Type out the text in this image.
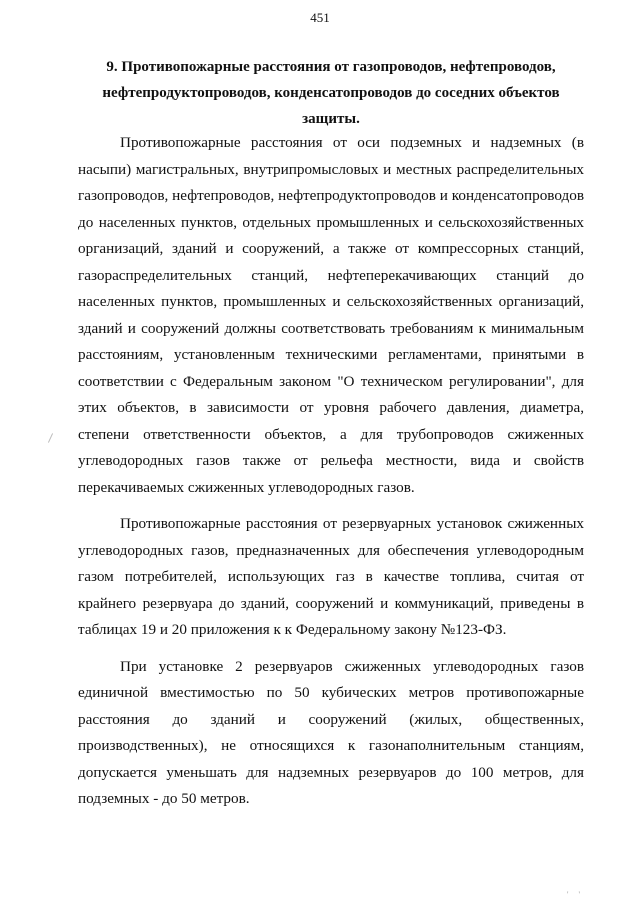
451
9. Противопожарные расстояния от газопроводов, нефтепроводов, нефтепродуктопроводов, конденсатопроводов до соседних объектов защиты.

Противопожарные расстояния от оси подземных и надземных (в насыпи) магистральных, внутрипромысловых и местных распределительных газопроводов, нефтепроводов, нефтепродуктопроводов и конденсатопроводов до населенных пунктов, отдельных промышленных и сельскохозяйственных организаций, зданий и сооружений, а также от компрессорных станций, газораспределительных станций, нефтеперекачивающих станций до населенных пунктов, промышленных и сельскохозяйственных организаций, зданий и сооружений должны соответствовать требованиям к минимальным расстояниям, установленным техническими регламентами, принятыми в соответствии с Федеральным законом "О техническом регулировании", для этих объектов, в зависимости от уровня рабочего давления, диаметра, степени ответственности объектов, а для трубопроводов сжиженных углеводородных газов также от рельефа местности, вида и свойств перекачиваемых сжиженных углеводородных газов.

Противопожарные расстояния от резервуарных установок сжиженных углеводородных газов, предназначенных для обеспечения углеводородным газом потребителей, использующих газ в качестве топлива, считая от крайнего резервуара до зданий, сооружений и коммуникаций, приведены в таблицах 19 и 20 приложения к к Федеральному закону №123-ФЗ.

При установке 2 резервуаров сжиженных углеводородных газов единичной вместимостью по 50 кубических метров противопожарные расстояния до зданий и сооружений (жилых, общественных, производственных), не относящихся к газонаполнительным станциям, допускается уменьшать для надземных резервуаров до 100 метров, для подземных - до 50 метров.

' '
